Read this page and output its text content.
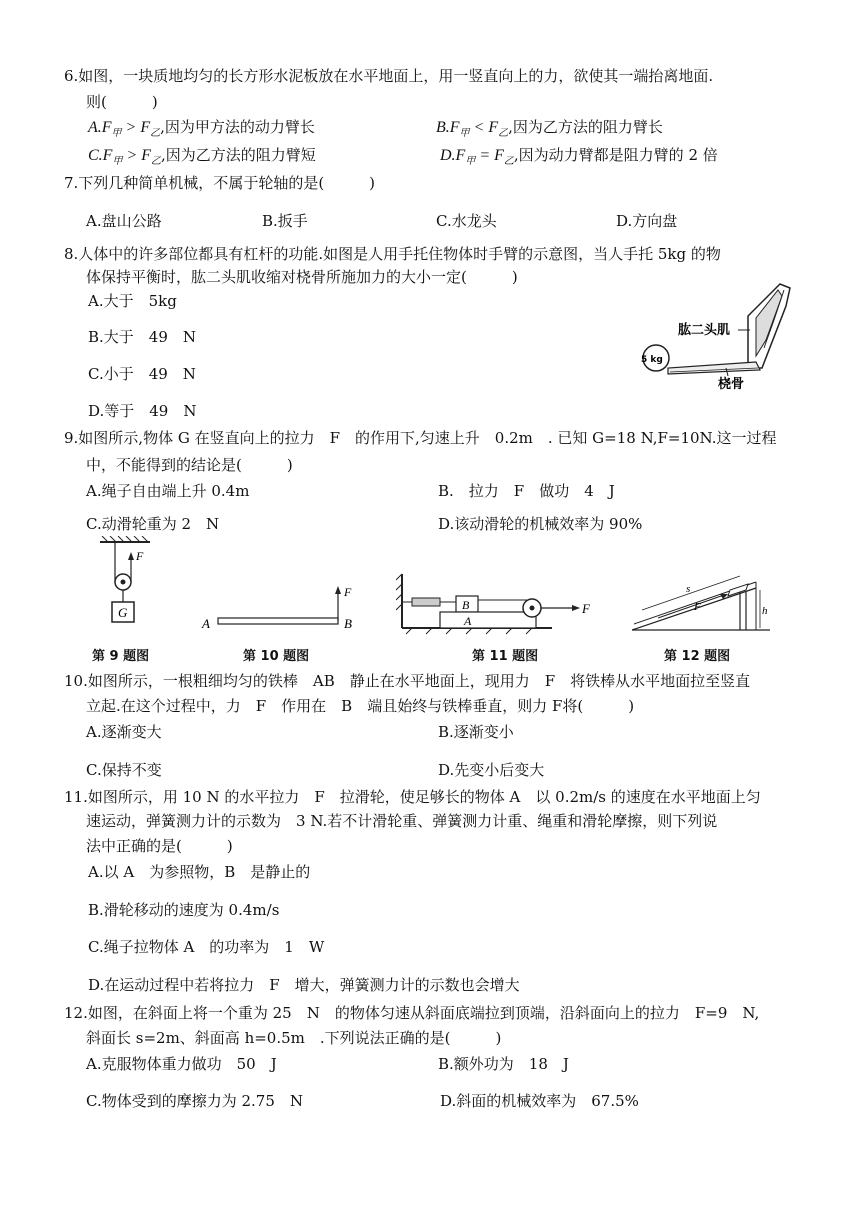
6.如图，一块质地均匀的长方形水泥板放在水平地面上，用一竖直向上的力，欲使其一端抬离地面.
则(　　　)
$A.F_甲 > F_乙$,因为甲方法的动力臂长	$B.F_甲 < F_乙$,因为乙方法的阻力臂长
$C.F_甲 > F_乙$,因为乙方法的阻力臂短	$D.F_甲 = F_乙$,因为动力臂都是阻力臂的 2 倍
7.下列几种简单机械，不属于轮轴的是(　　　)
A.盘山公路	B.扳手	C.水龙头	D.方向盘
8.人体中的许多部位都具有杠杆的功能.如图是人用手托住物体时手臂的示意图，当人手托 5kg 的物
体保持平衡时，肱二头肌收缩对桡骨所施加力的大小一定(　　　)
A.大于　5kg
B.大于　49　N
C.小于　49　N
D.等于　49　N
5 kg
肱二头肌
桡骨
9.如图所示,物体 G 在竖直向上的拉力　F　的作用下,匀速上升　0.2m　. 已知 G=18 N,F=10N.这一过程
中，不能得到的结论是(　　　)
A.绳子自由端上升 0.4m	B.　拉力　F　做功　4　J
C.动滑轮重为 2　N	D.该动滑轮的机械效率为 90%
G
F
第 9 题图
A	B
F
第 10 题图
B
A
F
第 11 题图
s
F	h
第 12 题图
10.如图所示，一根粗细均匀的铁棒　AB　静止在水平地面上，现用力　F　将铁棒从水平地面拉至竖直
立起.在这个过程中，力　F　作用在　B　端且始终与铁棒垂直，则力 F将(　　　)
A.逐渐变大	B.逐渐变小
C.保持不变	D.先变小后变大
11.如图所示，用 10 N 的水平拉力　F　拉滑轮，使足够长的物体 A　以 0.2m/s 的速度在水平地面上匀
速运动，弹簧测力计的示数为　3 N.若不计滑轮重、弹簧测力计重、绳重和滑轮摩擦，则下列说
法中正确的是(　　　)
A.以 A　为参照物，B　是静止的
B.滑轮移动的速度为 0.4m/s
C.绳子拉物体 A　的功率为　1　W
D.在运动过程中若将拉力　F　增大，弹簧测力计的示数也会增大
12.如图，在斜面上将一个重为 25　N　的物体匀速从斜面底端拉到顶端，沿斜面向上的拉力　F=9　N,
斜面长 s=2m、斜面高 h=0.5m　.下列说法正确的是(　　　)
A.克服物体重力做功　50　J	B.额外功为　18　J
C.物体受到的摩擦力为 2.75　N	D.斜面的机械效率为　67.5%
